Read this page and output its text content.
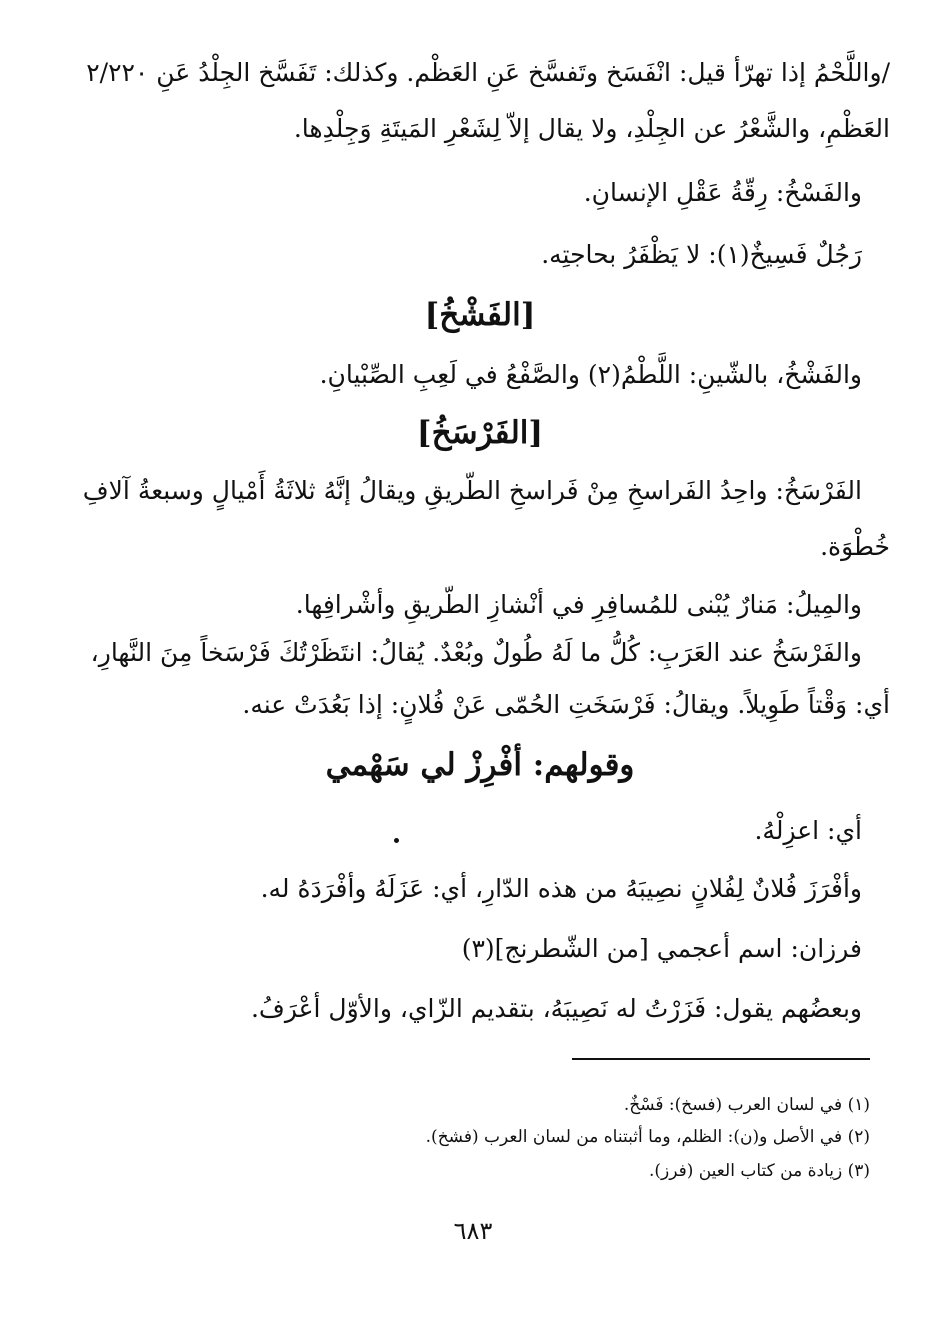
/واللَّحْمُ إذا تهرّأ قيل: انْفَسَخ وتَفسَّخ عَنِ العَظْم. وكذلك: تَفَسَّخ الجِلْدُ عَنِ ٢/٢٢٠
العَظْمِ، والشَّعْرُ عن الجِلْدِ، ولا يقال إلاّ لِشَعْرِ المَيتَةِ وَجِلْدِها.
والفَسْخُ: رِقّةُ عَقْلِ الإنسانِ.
رَجُلٌ فَسِيخٌ(١): لا يَظْفَرُ بحاجتِه.
[الفَشْخُ]
والفَشْخُ، بالشّينِ: اللَّطْمُ(٢) والصَّفْعُ في لَعِبِ الصِّبْيانِ.
[الفَرْسَخُ]
الفَرْسَخُ: واحِدُ الفَراسخِ مِنْ فَراسخِ الطّريقِ ويقالُ إنَّهُ ثلاثَةُ أَمْيالٍ وسبعةُ آلافِ
خُطْوَة.
والمِيلُ: مَنارٌ يُبْنى للمُسافِرِ في أنْشازِ الطّريقِ وأشْرافِها.
والفَرْسَخُ عند العَرَبِ: كُلُّ ما لَهُ طُولٌ وبُعْدٌ. يُقالُ: انتَظَرْتُكَ فَرْسَخاً مِنَ النَّهارِ،
أي: وَقْتاً طَوِيلاً. ويقالُ: فَرْسَخَتِ الحُمّى عَنْ فُلانٍ: إذا بَعُدَتْ عنه.
وقولهم: أفْرِزْ لي سَهْمي
أي: اعزِلْهُ.
وأفْرَزَ فُلانٌ لِفُلانٍ نصِيبَهُ من هذه الدّارِ، أي: عَزَلَهُ وأفْرَدَهُ له.
فرزان: اسم أعجمي [من الشّطرنج](٣)
وبعضُهم يقول: فَزَرْتُ له نَصِيبَهُ، بتقديم الزّاي، والأوّل أعْرَفُ.
(١) في لسان العرب (فسخ): فَسْخٌ.
(٢) في الأصل و(ن): الظلم، وما أثبتناه من لسان العرب (فشخ).
(٣) زيادة من كتاب العين (فرز).
٦٨٣
